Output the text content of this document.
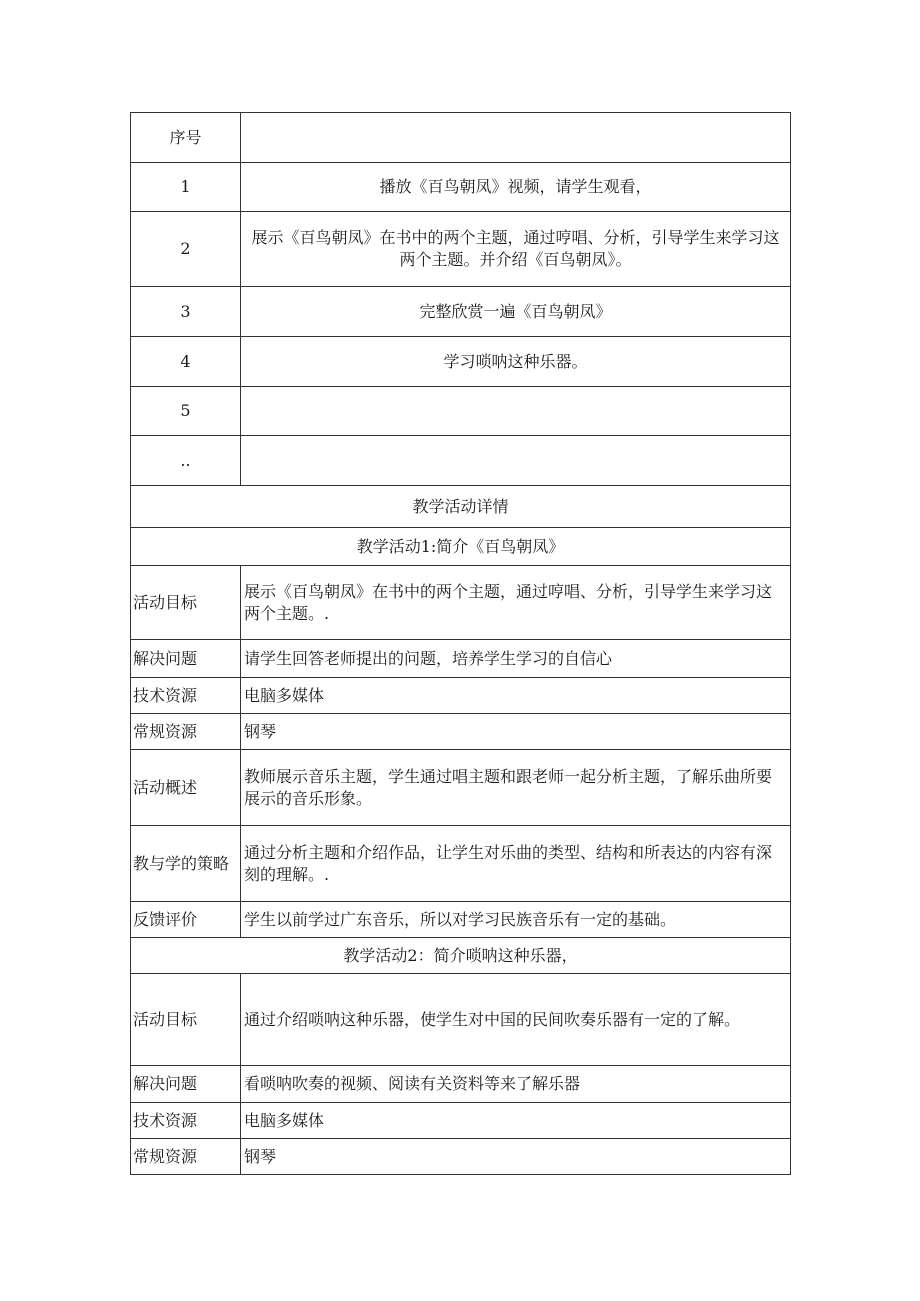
序号	
1	播放《百鸟朝凤》视频，请学生观看，
2	展示《百鸟朝凤》在书中的两个主题，通过哼唱、分析，引导学生来学习这两个主题。并介绍《百鸟朝凤》。
3	完整欣赏一遍《百鸟朝凤》
4	学习唢呐这种乐器。
5	
..	
教学活动详情	
教学活动1:简介《百鸟朝凤》	
活动目标	展示《百鸟朝凤》在书中的两个主题，通过哼唱、分析，引导学生来学习这两个主题。.
解决问题	请学生回答老师提出的问题，培养学生学习的自信心
技术资源	电脑多媒体
常规资源	钢琴
活动概述	教师展示音乐主题，学生通过唱主题和跟老师一起分析主题，了解乐曲所要展示的音乐形象。
教与学的策略	通过分析主题和介绍作品，让学生对乐曲的类型、结构和所表达的内容有深刻的理解。.
反馈评价	学生以前学过广东音乐，所以对学习民族音乐有一定的基础。
教学活动2：简介唢呐这种乐器，	
活动目标	通过介绍唢呐这种乐器，使学生对中国的民间吹奏乐器有一定的了解。
解决问题	看唢呐吹奏的视频、阅读有关资料等来了解乐器
技术资源	电脑多媒体
常规资源	钢琴
